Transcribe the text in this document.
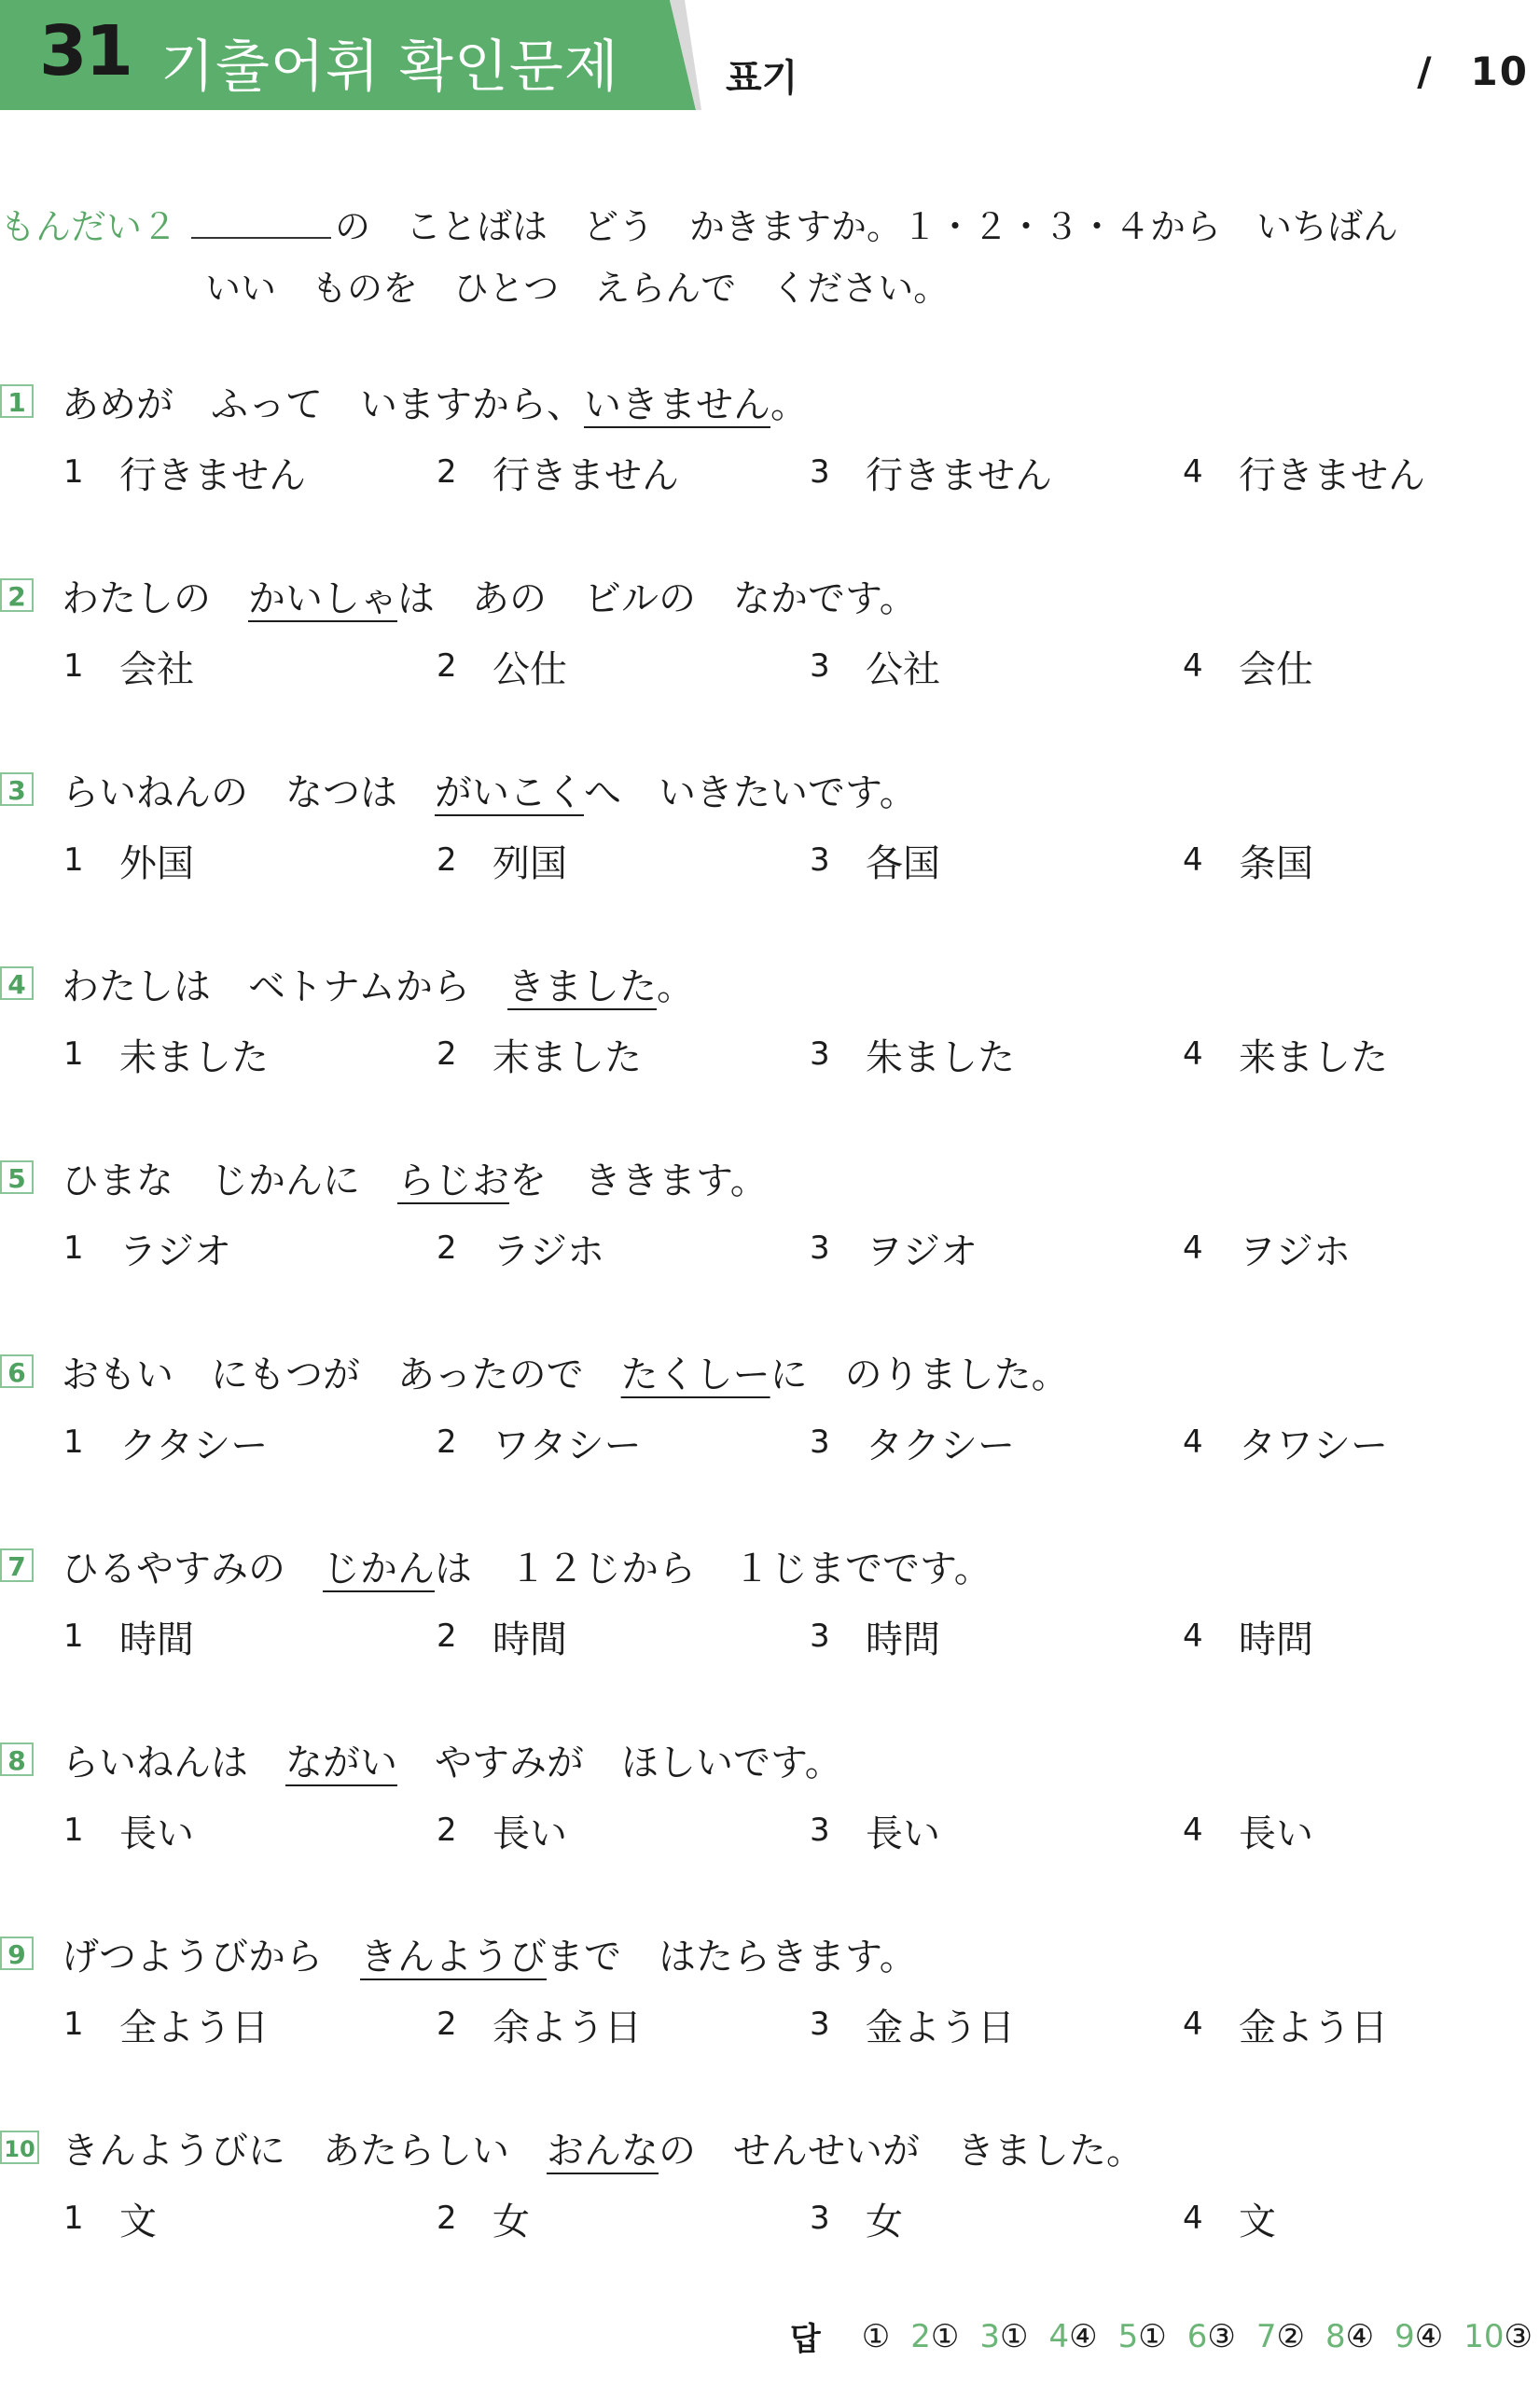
31 기출어휘 확인문제	표기	/ 10
もんだい２	の　ことばは　どう　かきますか。１・２・３・４から　いちばん
いい　ものを　ひとつ　えらんで　ください。
1 あめが　ふって　いますから、 いきません 。
1 行きません	2 行きません	3 行きません	4 行きません
2 わたしの　 かいしゃ は　あの　ビルの　なかです。
1 会社	2 公仕	3 公社	4 会仕
3 らいねんの　なつは　 がいこく へ　いきたいです。
1 外国	2 列国	3 各国	4 条国
4 わたしは　ベトナムから　 きました 。
1 未ました	2 末ました	3 朱ました	4 来ました
5 ひまな　じかんに　 らじお を　ききます。
1 ラジオ	2 ラジホ	3 ヲジオ	4 ヲジホ
6 おもい　にもつが　あったので　 たくしー に　のりました。
1 クタシー	2 ワタシー	3 タクシー	4 タワシー
7 ひるやすみの　 じかん は　１２じから　１じまでです。
1 時間	2 時間	3 時問	4 時問
8 らいねんは　 ながい 　やすみが　ほしいです。
1 長い	2 長い	3 長い	4 長い
9 げつようびから　 きんようび まで　はたらきます。
1 全よう日	2 余よう日	3 金よう日	4 金よう日
10 きんようびに　あたらしい　 おんな の　せんせいが　きました。
1 文	2 女	3 女	4 文
답 ① 2① 3① 4④ 5① 6③ 7② 8④ 9④ 10③
